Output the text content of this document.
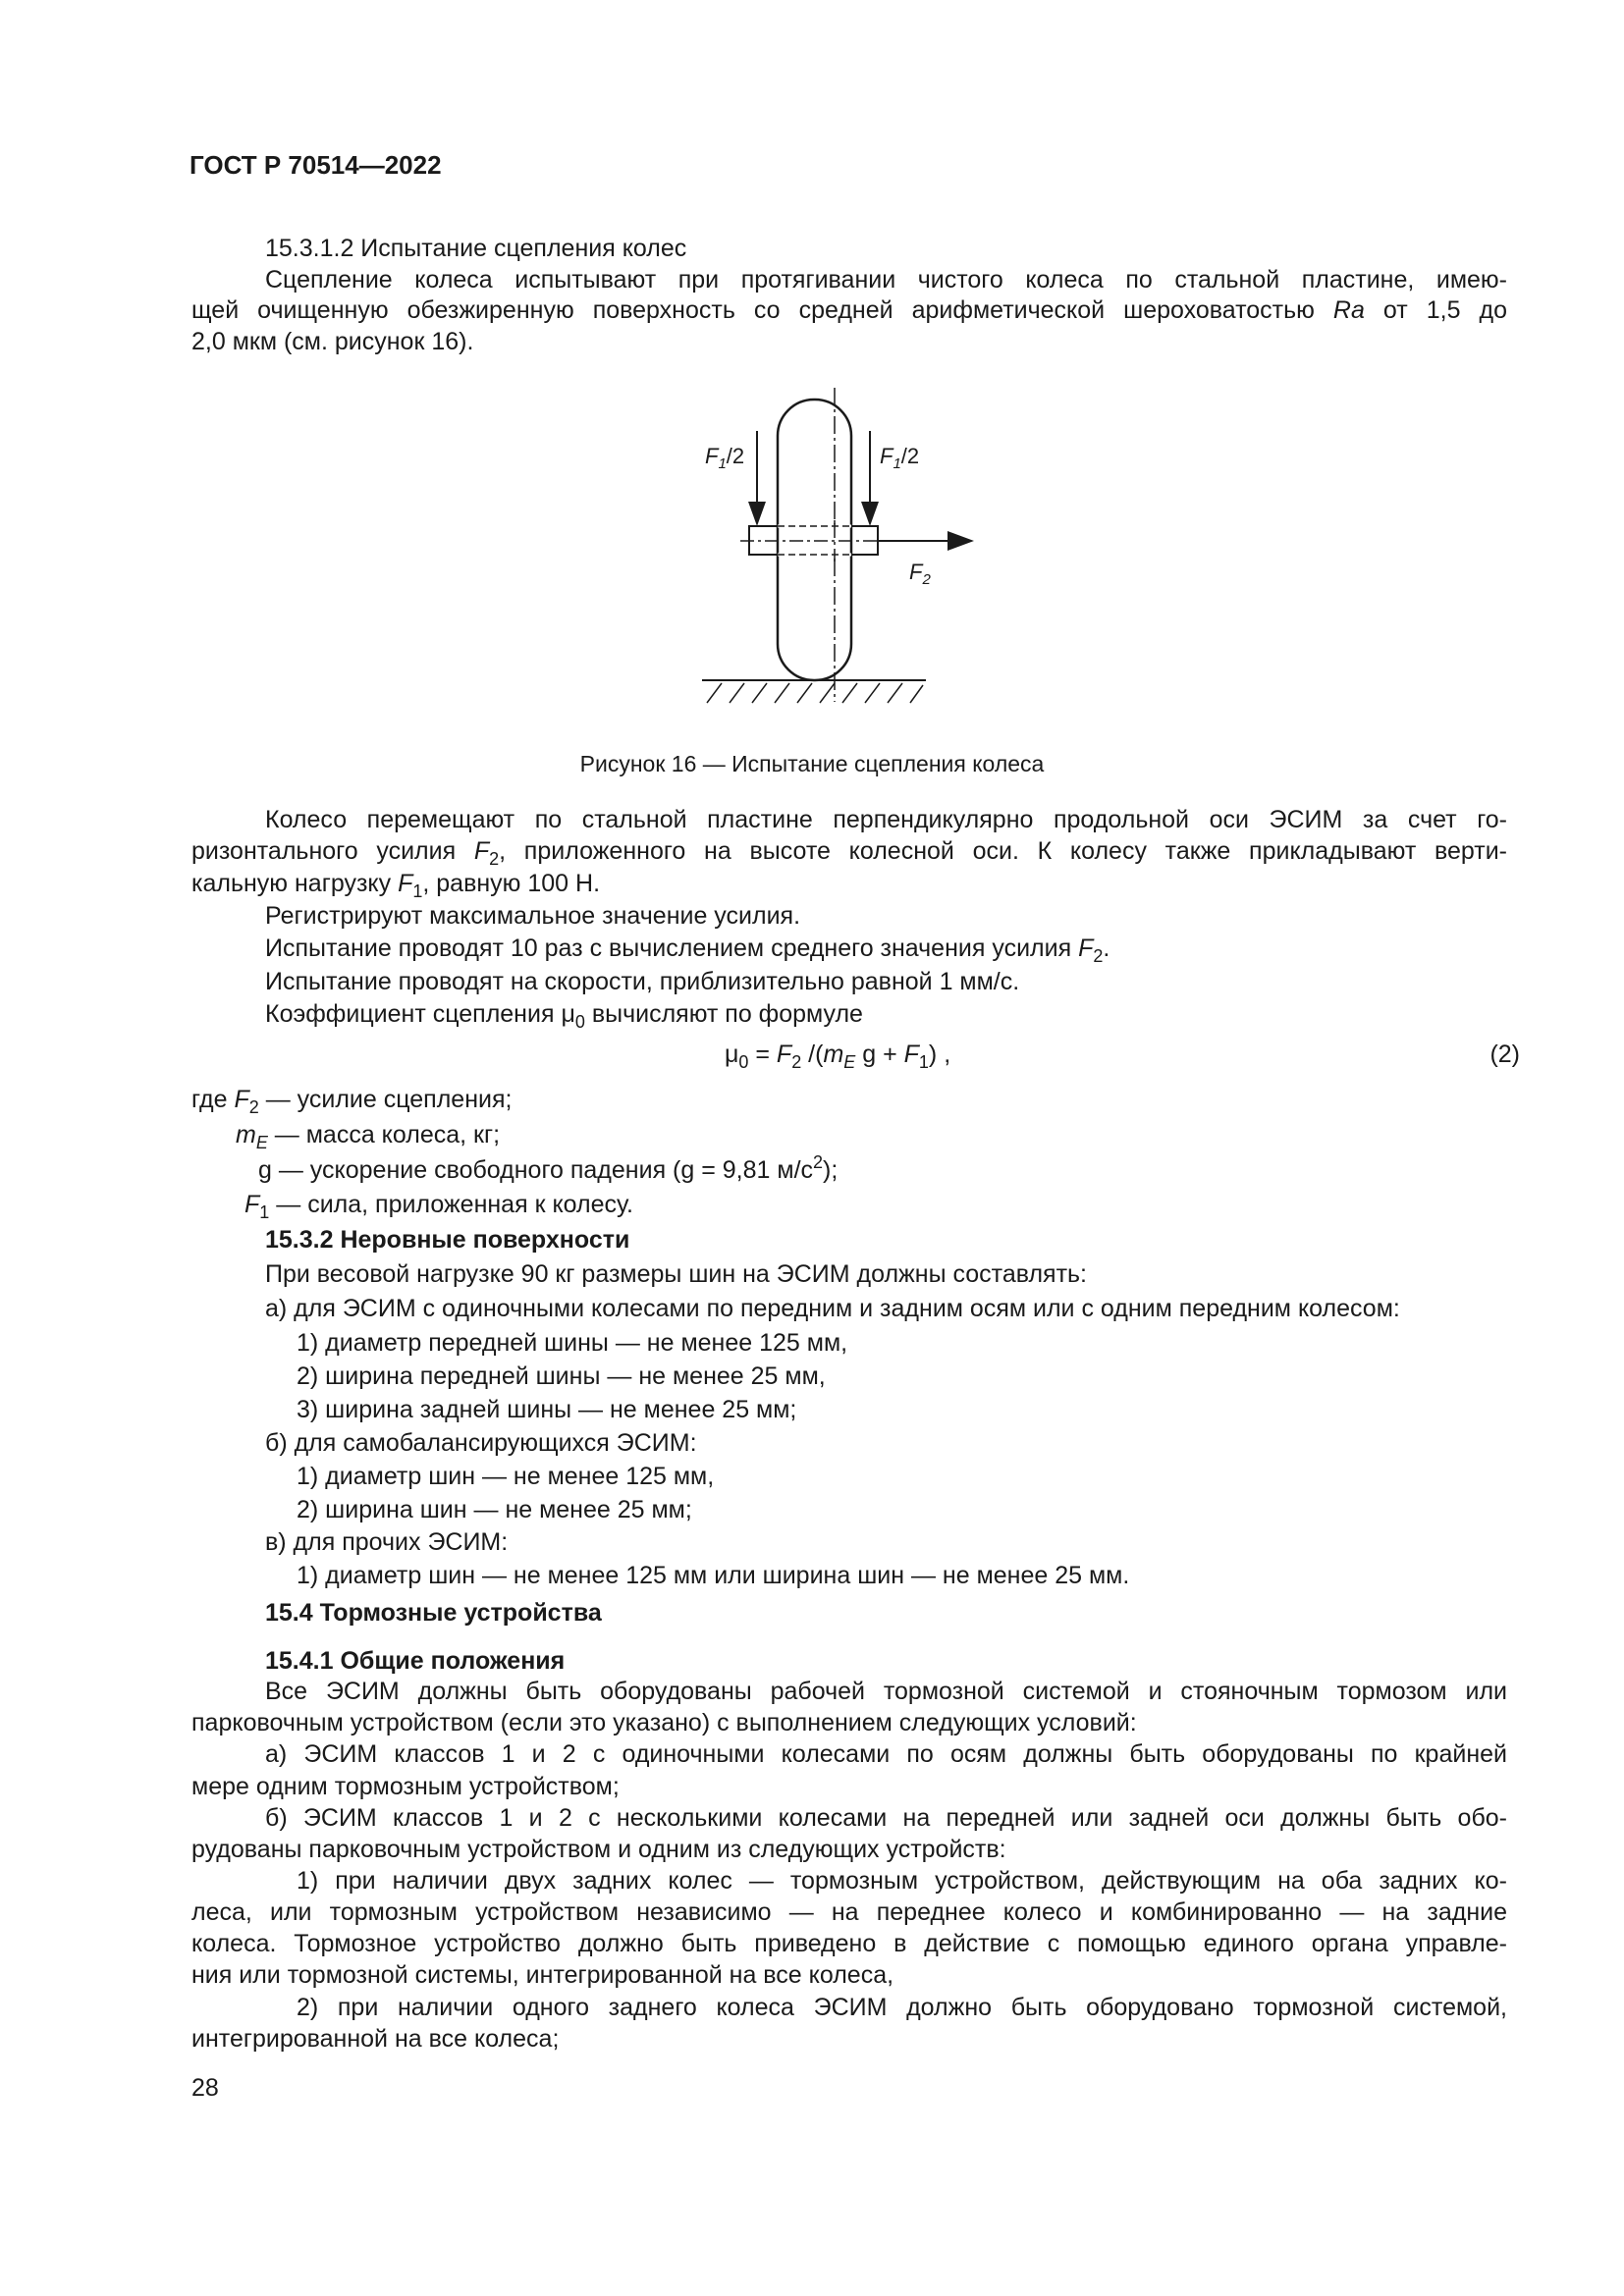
ГОСТ Р 70514—2022
15.3.1.2 Испытание сцепления колес
Сцепление колеса испытывают при протягивании чистого колеса по стальной пластине, имею-
щей очищенную обезжиренную поверхность со средней арифметической шероховатостью Ra от 1,5 до
2,0 мкм (см. рисунок 16).
$F_1/2$	$F_1/2$
$F_2$
Рисунок 16 — Испытание сцепления колеса
Колесо перемещают по стальной пластине перпендикулярно продольной оси ЭСИМ за счет го-
ризонтального усилия $F_2$, приложенного на высоте колесной оси. К колесу также прикладывают верти-
кальную нагрузку $F_1$, равную 100 Н.
Регистрируют максимальное значение усилия.
Испытание проводят 10 раз с вычислением среднего значения усилия $F_2$.
Испытание проводят на скорости, приблизительно равной 1 мм/с.
Коэффициент сцепления $\mu_0$ вычисляют по формуле
$\mu_0 = F_2$ $/(m_E$ $g + F_1$) ,	(2)
где $F_2$ — усилие сцепления;
$m_E$ — масса колеса, кг;
g — ускорение свободного падения (g = 9,81 $м/с^2$);
$F_1$ — сила, приложенная к колесу.
15.3.2 Неровные поверхности
При весовой нагрузке 90 кг размеры шин на ЭСИМ должны составлять:
а) для ЭСИМ с одиночными колесами по передним и задним осям или с одним передним колесом:
1) диаметр передней шины — не менее 125 мм,
2) ширина передней шины — не менее 25 мм,
3) ширина задней шины — не менее 25 мм;
б) для самобалансирующихся ЭСИМ:
1) диаметр шин — не менее 125 мм,
2) ширина шин — не менее 25 мм;
в) для прочих ЭСИМ:
1) диаметр шин — не менее 125 мм или ширина шин — не менее 25 мм.
15.4 Тормозные устройства
15.4.1 Общие положения
Все ЭСИМ должны быть оборудованы рабочей тормозной системой и стояночным тормозом или
парковочным устройством (если это указано) с выполнением следующих условий:
а) ЭСИМ классов 1 и 2 с одиночными колесами по осям должны быть оборудованы по крайней
мере одним тормозным устройством;
б) ЭСИМ классов 1 и 2 с несколькими колесами на передней или задней оси должны быть обо-
рудованы парковочным устройством и одним из следующих устройств:
1) при наличии двух задних колес — тормозным устройством, действующим на оба задних ко-
леса, или тормозным устройством независимо — на переднее колесо и комбинированно — на задние
колеса. Тормозное устройство должно быть приведено в действие с помощью единого органа управле-
ния или тормозной системы, интегрированной на все колеса,
2) при наличии одного заднего колеса ЭСИМ должно быть оборудовано тормозной системой,
интегрированной на все колеса;
28
